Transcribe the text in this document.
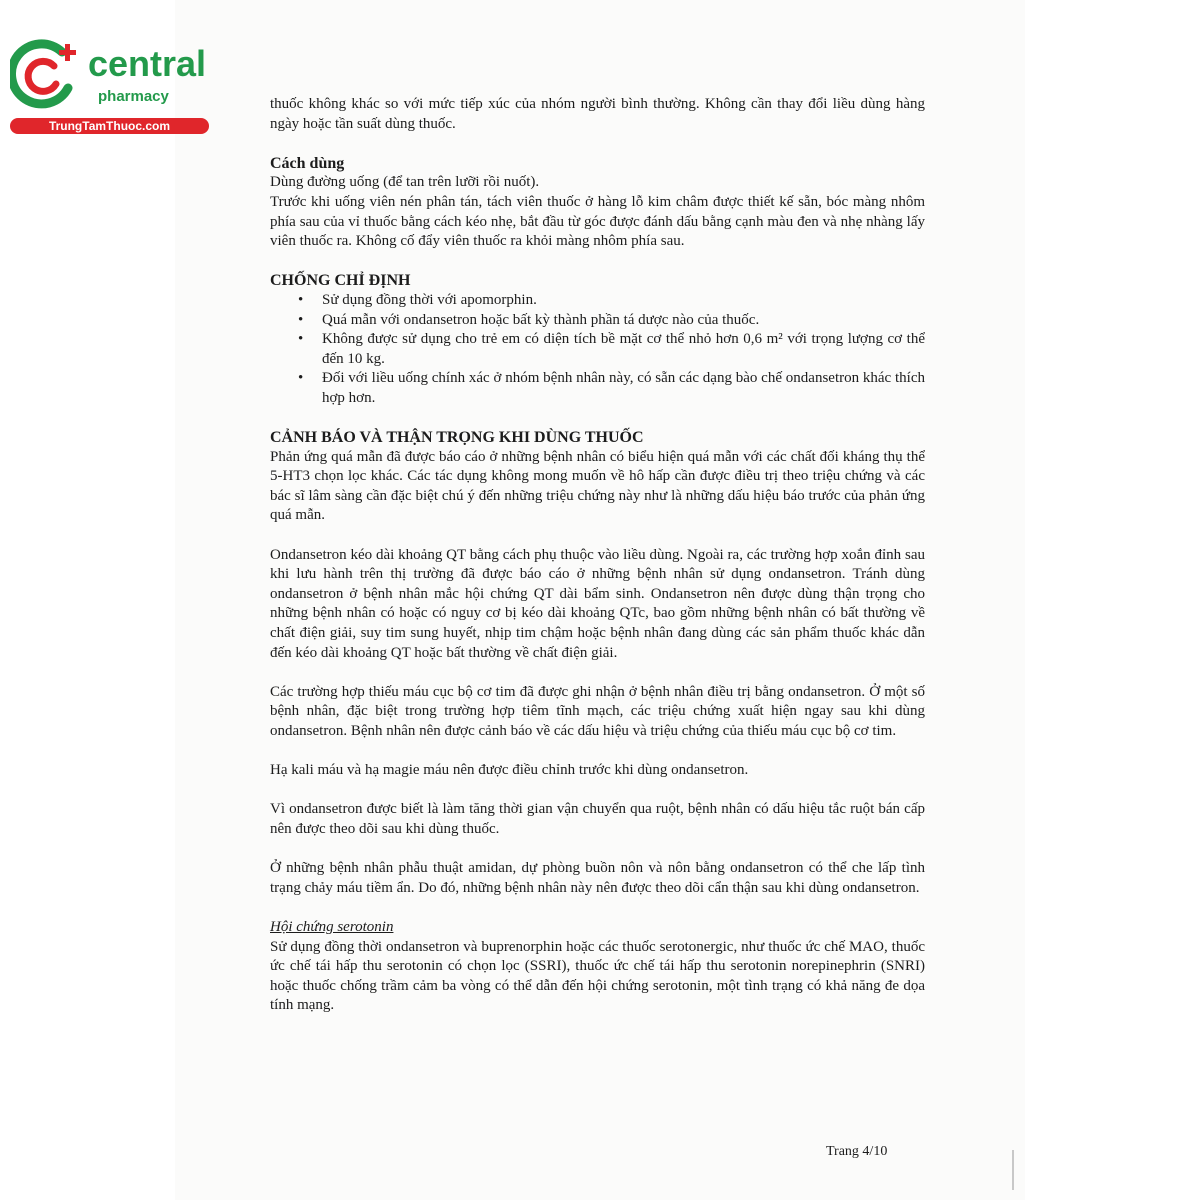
central
pharmacy
TrungTamThuoc.com

thuốc không khác so với mức tiếp xúc của nhóm người bình thường. Không cần thay đổi liều dùng hàng ngày hoặc tần suất dùng thuốc.

Cách dùng

Dùng đường uống (để tan trên lưỡi rồi nuốt).

Trước khi uống viên nén phân tán, tách viên thuốc ở hàng lỗ kim châm được thiết kế sẵn, bóc màng nhôm phía sau của vỉ thuốc bằng cách kéo nhẹ, bắt đầu từ góc được đánh dấu bằng cạnh màu đen và nhẹ nhàng lấy viên thuốc ra. Không cố đẩy viên thuốc ra khỏi màng nhôm phía sau.

CHỐNG CHỈ ĐỊNH

• Sử dụng đồng thời với apomorphin.
• Quá mẫn với ondansetron hoặc bất kỳ thành phần tá dược nào của thuốc.
• Không được sử dụng cho trẻ em có diện tích bề mặt cơ thể nhỏ hơn 0,6 m² với trọng lượng cơ thể đến 10 kg.
• Đối với liều uống chính xác ở nhóm bệnh nhân này, có sẵn các dạng bào chế ondansetron khác thích hợp hơn.

CẢNH BÁO VÀ THẬN TRỌNG KHI DÙNG THUỐC

Phản ứng quá mẫn đã được báo cáo ở những bệnh nhân có biểu hiện quá mẫn với các chất đối kháng thụ thể 5-HT3 chọn lọc khác. Các tác dụng không mong muốn về hô hấp cần được điều trị theo triệu chứng và các bác sĩ lâm sàng cần đặc biệt chú ý đến những triệu chứng này như là những dấu hiệu báo trước của phản ứng quá mẫn.

Ondansetron kéo dài khoảng QT bằng cách phụ thuộc vào liều dùng. Ngoài ra, các trường hợp xoắn đỉnh sau khi lưu hành trên thị trường đã được báo cáo ở những bệnh nhân sử dụng ondansetron. Tránh dùng ondansetron ở bệnh nhân mắc hội chứng QT dài bẩm sinh. Ondansetron nên được dùng thận trọng cho những bệnh nhân có hoặc có nguy cơ bị kéo dài khoảng QTc, bao gồm những bệnh nhân có bất thường về chất điện giải, suy tim sung huyết, nhịp tim chậm hoặc bệnh nhân đang dùng các sản phẩm thuốc khác dẫn đến kéo dài khoảng QT hoặc bất thường về chất điện giải.

Các trường hợp thiếu máu cục bộ cơ tim đã được ghi nhận ở bệnh nhân điều trị bằng ondansetron. Ở một số bệnh nhân, đặc biệt trong trường hợp tiêm tĩnh mạch, các triệu chứng xuất hiện ngay sau khi dùng ondansetron. Bệnh nhân nên được cảnh báo về các dấu hiệu và triệu chứng của thiếu máu cục bộ cơ tim.

Hạ kali máu và hạ magie máu nên được điều chỉnh trước khi dùng ondansetron.

Vì ondansetron được biết là làm tăng thời gian vận chuyển qua ruột, bệnh nhân có dấu hiệu tắc ruột bán cấp nên được theo dõi sau khi dùng thuốc.

Ở những bệnh nhân phẫu thuật amidan, dự phòng buồn nôn và nôn bằng ondansetron có thể che lấp tình trạng chảy máu tiềm ẩn. Do đó, những bệnh nhân này nên được theo dõi cẩn thận sau khi dùng ondansetron.

Hội chứng serotonin

Sử dụng đồng thời ondansetron và buprenorphin hoặc các thuốc serotonergic, như thuốc ức chế MAO, thuốc ức chế tái hấp thu serotonin có chọn lọc (SSRI), thuốc ức chế tái hấp thu serotonin norepinephrin (SNRI) hoặc thuốc chống trầm cảm ba vòng có thể dẫn đến hội chứng serotonin, một tình trạng có khả năng đe dọa tính mạng.

Trang 4/10
